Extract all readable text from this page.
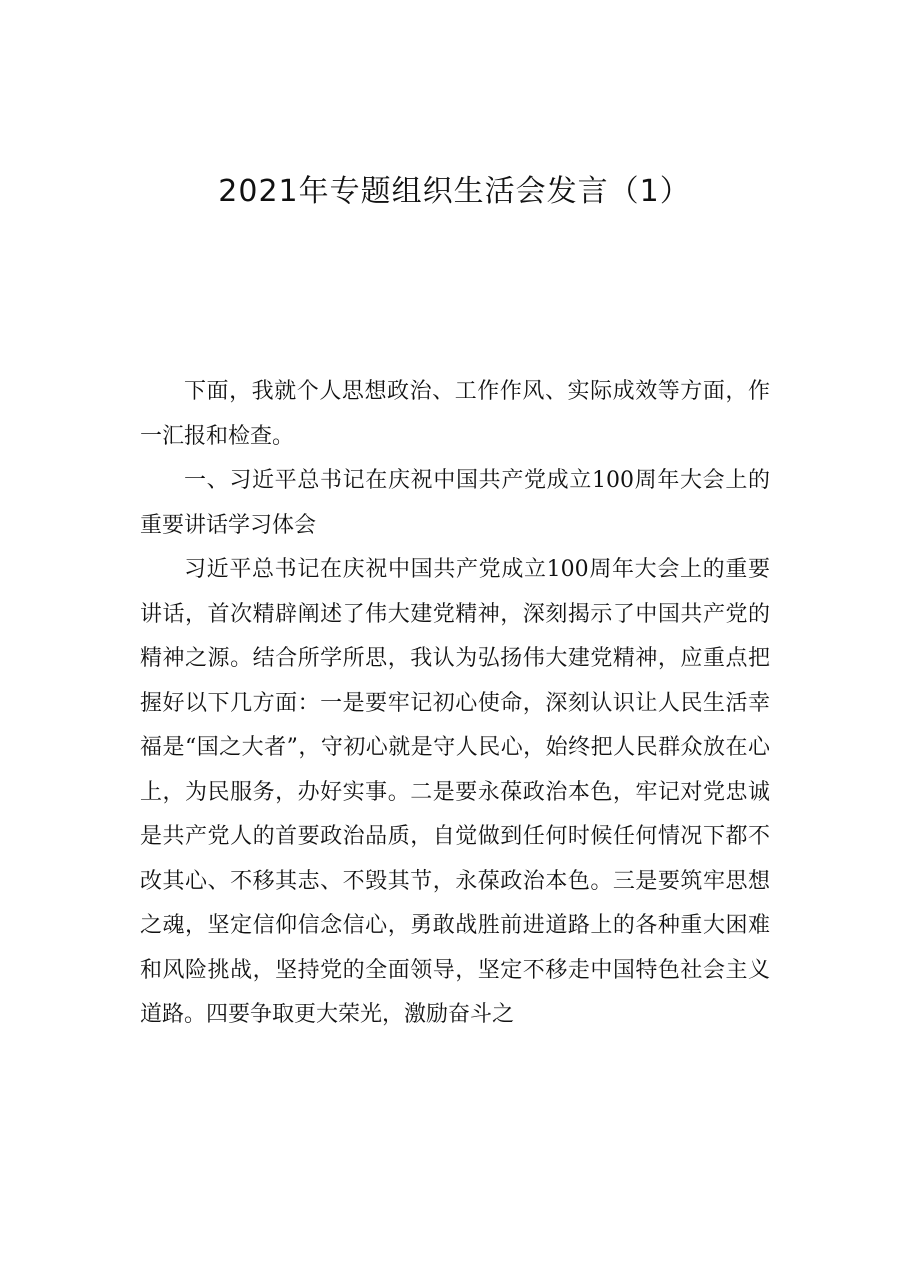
2021年专题组织生活会发言（1）

下面，我就个人思想政治、工作作风、实际成效等方面，作一汇报和检查。

一、习近平总书记在庆祝中国共产党成立100周年大会上的重要讲话学习体会

习近平总书记在庆祝中国共产党成立100周年大会上的重要讲话，首次精辟阐述了伟大建党精神，深刻揭示了中国共产党的精神之源。结合所学所思，我认为弘扬伟大建党精神，应重点把握好以下几方面：一是要牢记初心使命，深刻认识让人民生活幸福是“国之大者”，守初心就是守人民心，始终把人民群众放在心上，为民服务，办好实事。二是要永葆政治本色，牢记对党忠诚是共产党人的首要政治品质，自觉做到任何时候任何情况下都不改其心、不移其志、不毁其节，永葆政治本色。三是要筑牢思想之魂，坚定信仰信念信心，勇敢战胜前进道路上的各种重大困难和风险挑战，坚持党的全面领导，坚定不移走中国特色社会主义道路。四要争取更大荣光，激励奋斗之
